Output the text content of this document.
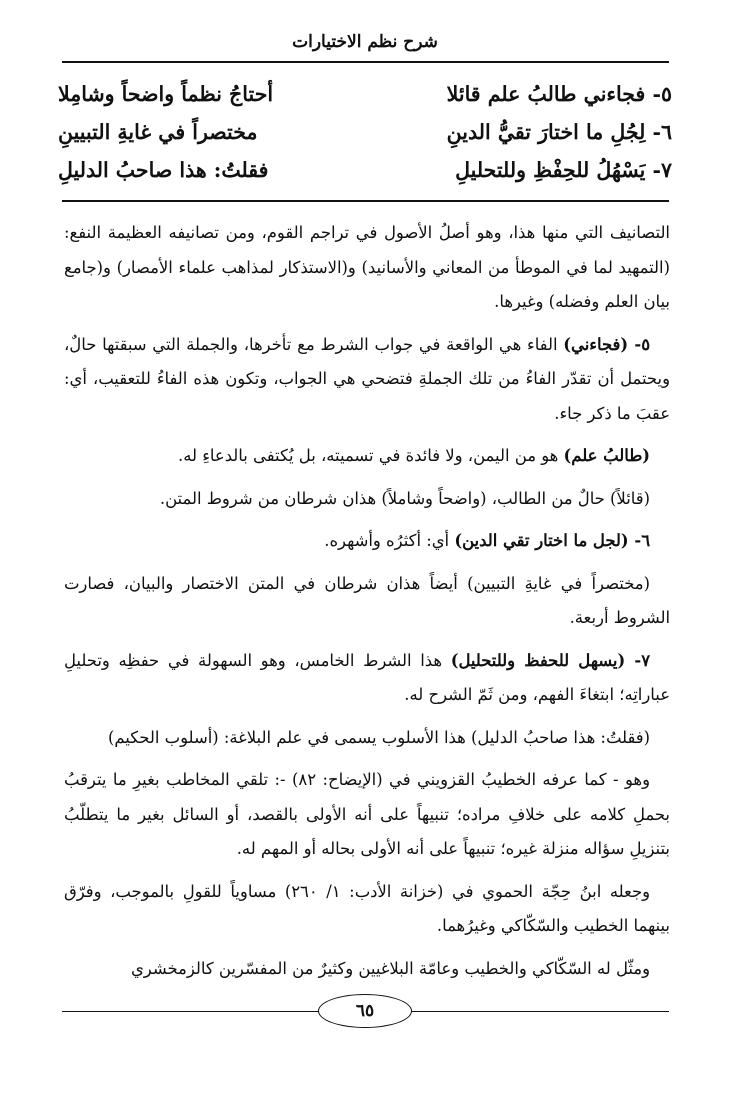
شرح نظم الاختيارات
٥- فجاءني طالبُ علم قائلا
أحتاجُ نظماً واضحاً وشامِلا
٦- لِجُلِ ما اختارَ تقيُّ الدينِ
مختصراً في غايةِ التبيينِ
٧- يَسْهُلُ للحِفْظِ وللتحليلِ
فقلتُ: هذا صاحبُ الدليلِ

التصانيف التي منها هذا، وهو أصلُ الأصول في تراجم القوم، ومن تصانيفه العظيمة النفع: (التمهيد لما في الموطأ من المعاني والأسانيد) و(الاستذكار لمذاهب علماء الأمصار) و(جامع بيان العلم وفضله) وغيرها.

٥- (فجاءني) الفاء هي الواقعة في جواب الشرط مع تأخرها، والجملة التي سبقتها حالٌ، ويحتمل أن تقدّر الفاءُ من تلك الجملةِ فتضحي هي الجواب، وتكون هذه الفاءُ للتعقيب، أي: عقبَ ما ذكر جاء.

(طالبُ علم) هو من اليمن، ولا فائدة في تسميته، بل يُكتفى بالدعاءِ له.

(قائلاً) حالٌ من الطالب، (واضحاً وشاملاً) هذان شرطان من شروط المتن.

٦- (لجل ما اختار تقي الدين) أي: أكثرُه وأشهره.

(مختصراً في غايةِ التبيين) أيضاً هذان شرطان في المتن الاختصار والبيان، فصارت الشروط أربعة.

٧- (يسهل للحفظ وللتحليل) هذا الشرط الخامس، وهو السهولة في حفظِه وتحليلِ عباراتِه؛ ابتغاءَ الفهم، ومن ثَمّ الشرح له.

(فقلتُ: هذا صاحبُ الدليل) هذا الأسلوب يسمى في علم البلاغة: (أسلوب الحكيم)

وهو - كما عرفه الخطيبُ القزويني في (الإيضاح: ٨٢) -: تلقي المخاطب بغيرِ ما يترقبُ بحملِ كلامه على خلافِ مراده؛ تنبيهاً على أنه الأولى بالقصد، أو السائل بغير ما يتطلّبُ بتنزيلِ سؤاله منزلة غيره؛ تنبيهاً على أنه الأولى بحاله أو المهم له.

وجعله ابنُ حِجّة الحموي في (خزانة الأدب: ١/ ٢٦٠) مساوياً للقولِ بالموجب، وفرّق بينهما الخطيب والسّكّاكي وغيرُهما.

ومثّل له السّكّاكي والخطيب وعامّة البلاغيين وكثيرٌ من المفسّرين كالزمخشري

٦٥
